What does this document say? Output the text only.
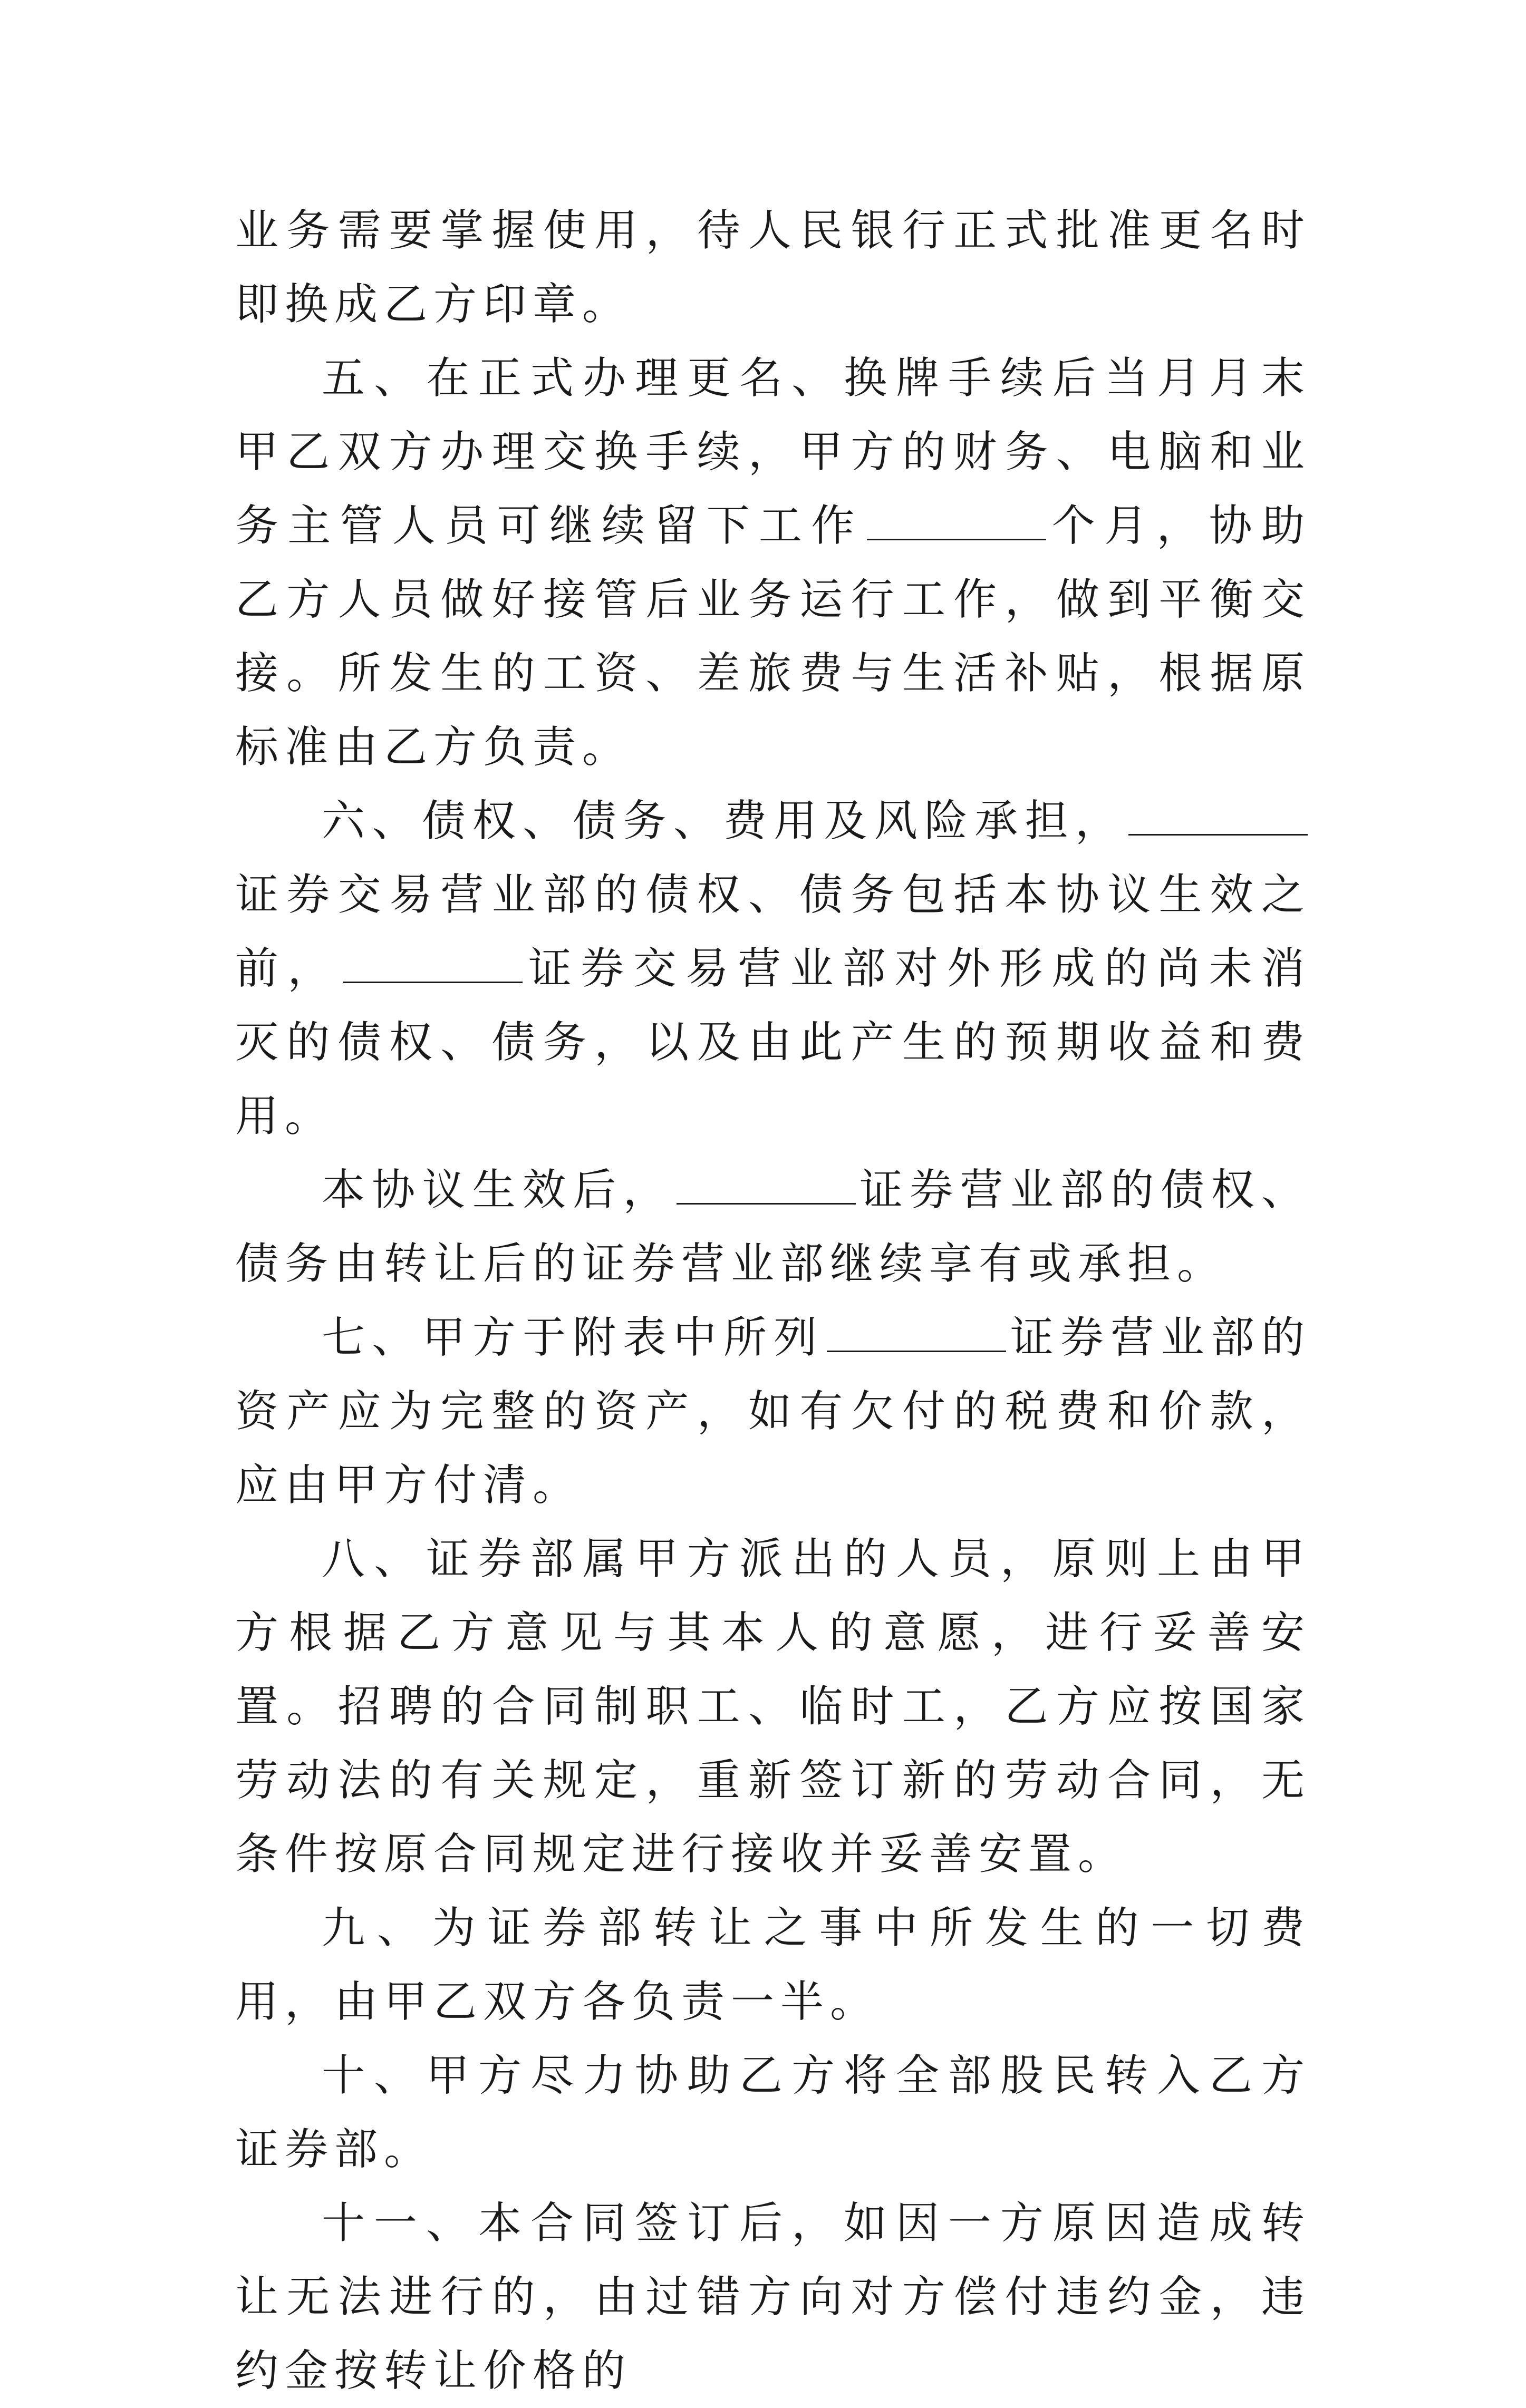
业务需要掌握使用，待人民银行正式批准更名时即换成乙方印章。

五、在正式办理更名、换牌手续后当月月末甲乙双方办理交换手续，甲方的财务、电脑和业务主管人员可继续留下工作	个月，协助乙方人员做好接管后业务运行工作，做到平衡交接。所发生的工资、差旅费与生活补贴，根据原标准由乙方负责。

六、债权、债务、费用及风险承担，证券交易营业部的债权、债务包括本协议生效之前，	证券交易营业部对外形成的尚未消灭的债权、债务，以及由此产生的预期收益和费用。

本协议生效后，	证券营业部的债权、债务由转让后的证券营业部继续享有或承担。

七、甲方于附表中所列	证券营业部的资产应为完整的资产，如有欠付的税费和价款，应由甲方付清。

八、证券部属甲方派出的人员，原则上由甲方根据乙方意见与其本人的意愿，进行妥善安置。招聘的合同制职工、临时工，乙方应按国家劳动法的有关规定，重新签订新的劳动合同，无条件按原合同规定进行接收并妥善安置。

九、为证券部转让之事中所发生的一切费用，由甲乙双方各负责一半。

十、甲方尽力协助乙方将全部股民转入乙方证券部。

十一、本合同签订后，如因一方原因造成转让无法进行的，由过错方向对方偿付违约金，违约金按转让价格的
